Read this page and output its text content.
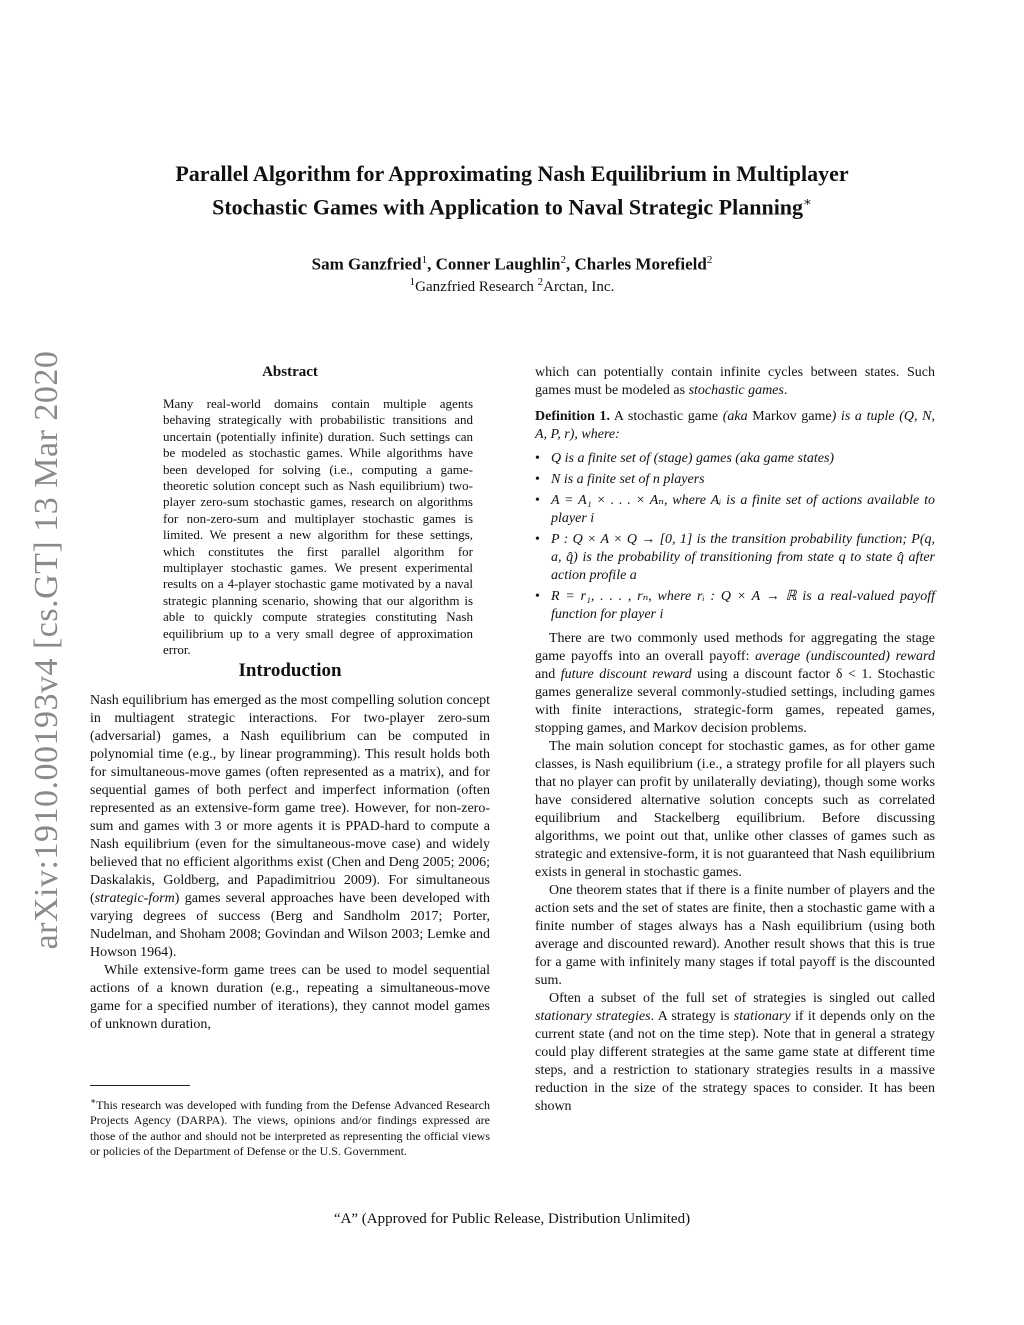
Parallel Algorithm for Approximating Nash Equilibrium in Multiplayer
Stochastic Games with Application to Naval Strategic Planning∗
Sam Ganzfried$^1$, Conner Laughlin$^2$, Charles Morefield$^2$
$^1$Ganzfried Research $^2$Arctan, Inc.
arXiv:1910.00193v4 [cs.GT] 13 Mar 2020	Abstract

Many real-world domains contain multiple agents behaving strategically with probabilistic transitions and uncertain (potentially infinite) duration. Such settings can be modeled as stochastic games. While algorithms have been developed for solving (i.e., computing a game-theoretic solution concept such as Nash equilibrium) two-player zero-sum stochastic games, research on algorithms for non-zero-sum and multiplayer stochastic games is limited. We present a new algorithm for these settings, which constitutes the first parallel algorithm for multiplayer stochastic games. We present experimental results on a 4-player stochastic game motivated by a naval strategic planning scenario, showing that our algorithm is able to quickly compute strategies constituting Nash equilibrium up to a very small degree of approximation error.

Introduction

Nash equilibrium has emerged as the most compelling solution concept in multiagent strategic interactions. For two-player zero-sum (adversarial) games, a Nash equilibrium can be computed in polynomial time (e.g., by linear programming). This result holds both for simultaneous-move games (often represented as a matrix), and for sequential games of both perfect and imperfect information (often represented as an extensive-form game tree). However, for non-zero-sum and games with 3 or more agents it is PPAD-hard to compute a Nash equilibrium (even for the simultaneous-move case) and widely believed that no efficient algorithms exist (Chen and Deng 2005; 2006; Daskalakis, Goldberg, and Papadimitriou 2009). For simultaneous (strategic-form) games several approaches have been developed with varying degrees of success (Berg and Sandholm 2017; Porter, Nudelman, and Shoham 2008; Govindan and Wilson 2003; Lemke and Howson 1964).

While extensive-form game trees can be used to model sequential actions of a known duration (e.g., repeating a simultaneous-move game for a specified number of iterations), they cannot model games of unknown duration,

∗This research was developed with funding from the Defense Advanced Research Projects Agency (DARPA). The views, opinions and/or findings expressed are those of the author and should not be interpreted as representing the official views or policies of the Department of Defense or the U.S. Government.

which can potentially contain infinite cycles between states. Such games must be modeled as stochastic games.

Definition 1. A stochastic game (aka Markov game) is a tuple (Q, N, A, P, r), where:

• Q is a finite set of (stage) games (aka game states)
• N is a finite set of n players
• A = A₁ × . . . × Aₙ, where Aᵢ is a finite set of actions available to player i
• P : Q × A × Q → [0, 1] is the transition probability function; P(q, a, q̂) is the probability of transitioning from state q to state q̂ after action profile a
• R = r₁, . . . , rₙ, where rᵢ : Q × A → ℝ is a real-valued payoff function for player i

There are two commonly used methods for aggregating the stage game payoffs into an overall payoff: average (undiscounted) reward and future discount reward using a discount factor δ < 1. Stochastic games generalize several commonly-studied settings, including games with finite interactions, strategic-form games, repeated games, stopping games, and Markov decision problems.

The main solution concept for stochastic games, as for other game classes, is Nash equilibrium (i.e., a strategy profile for all players such that no player can profit by unilaterally deviating), though some works have considered alternative solution concepts such as correlated equilibrium and Stackelberg equilibrium. Before discussing algorithms, we point out that, unlike other classes of games such as strategic and extensive-form, it is not guaranteed that Nash equilibrium exists in general in stochastic games.

One theorem states that if there is a finite number of players and the action sets and the set of states are finite, then a stochastic game with a finite number of stages always has a Nash equilibrium (using both average and discounted reward). Another result shows that this is true for a game with infinitely many stages if total payoff is the discounted sum.

Often a subset of the full set of strategies is singled out called stationary strategies. A strategy is stationary if it depends only on the current state (and not on the time step). Note that in general a strategy could play different strategies at the same game state at different time steps, and a restriction to stationary strategies results in a massive reduction in the size of the strategy spaces to consider. It has been shown

“A” (Approved for Public Release, Distribution Unlimited)
